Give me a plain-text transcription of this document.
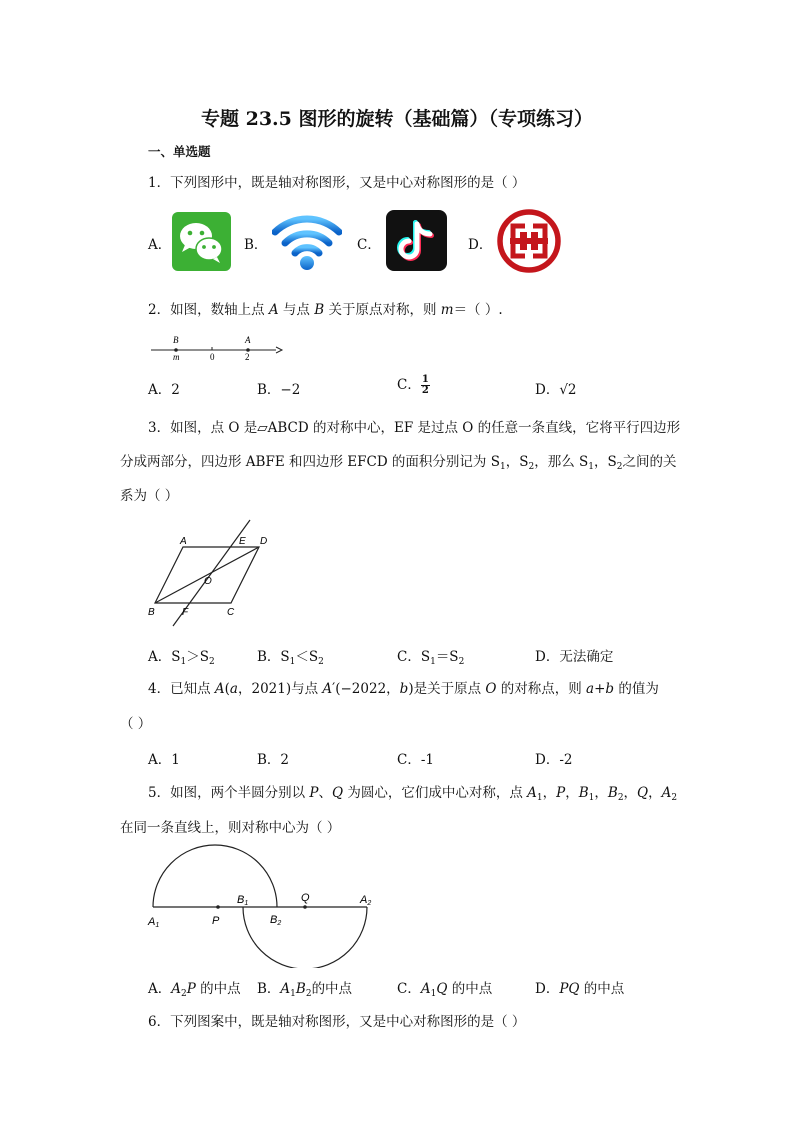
专题 23.5 图形的旋转（基础篇）（专项练习）
一、单选题
1．下列图形中，既是轴对称图形，又是中心对称图形的是（ ）
A．	B．	C．	D．
2．如图，数轴上点 A 与点 B 关于原点对称，则 m＝（ ）.
B
m	0
A
2
A．2	B．−2	C． $\frac{1}{2}$	D．√2
3．如图，点 O 是▱ABCD 的对称中心，EF 是过点 O 的任意一条直线，它将平行四边形
分成两部分，四边形 ABFE 和四边形 EFCD 的面积分别记为 $S_1$，$S_2$，那么 $S_1$，$S_2$之间的关
系为（ ）
A	E D
O
B	F	C
A．$S_1>S_2$	B．$S_1<S_2$	C．$S_1=S_2$	D．无法确定
4．已知点 A(a，2021)与点 A′(−2022，b)是关于原点 O 的对称点，则 a+b 的值为
（ ）
A．1	B．2	C．-1	D．-2
5．如图，两个半圆分别以 P、Q 为圆心，它们成中心对称，点 $A_1$，P，$B_1$，$B_2$，Q，$A_2$
在同一条直线上，则对称中心为（ ）
A1	P
B1
B2
Q	A2
A．$A_2P$ 的中点 B．$A_1B_2$的中点	C．$A_1Q$ 的中点	D．PQ 的中点
6．下列图案中，既是轴对称图形，又是中心对称图形的是（ ）
